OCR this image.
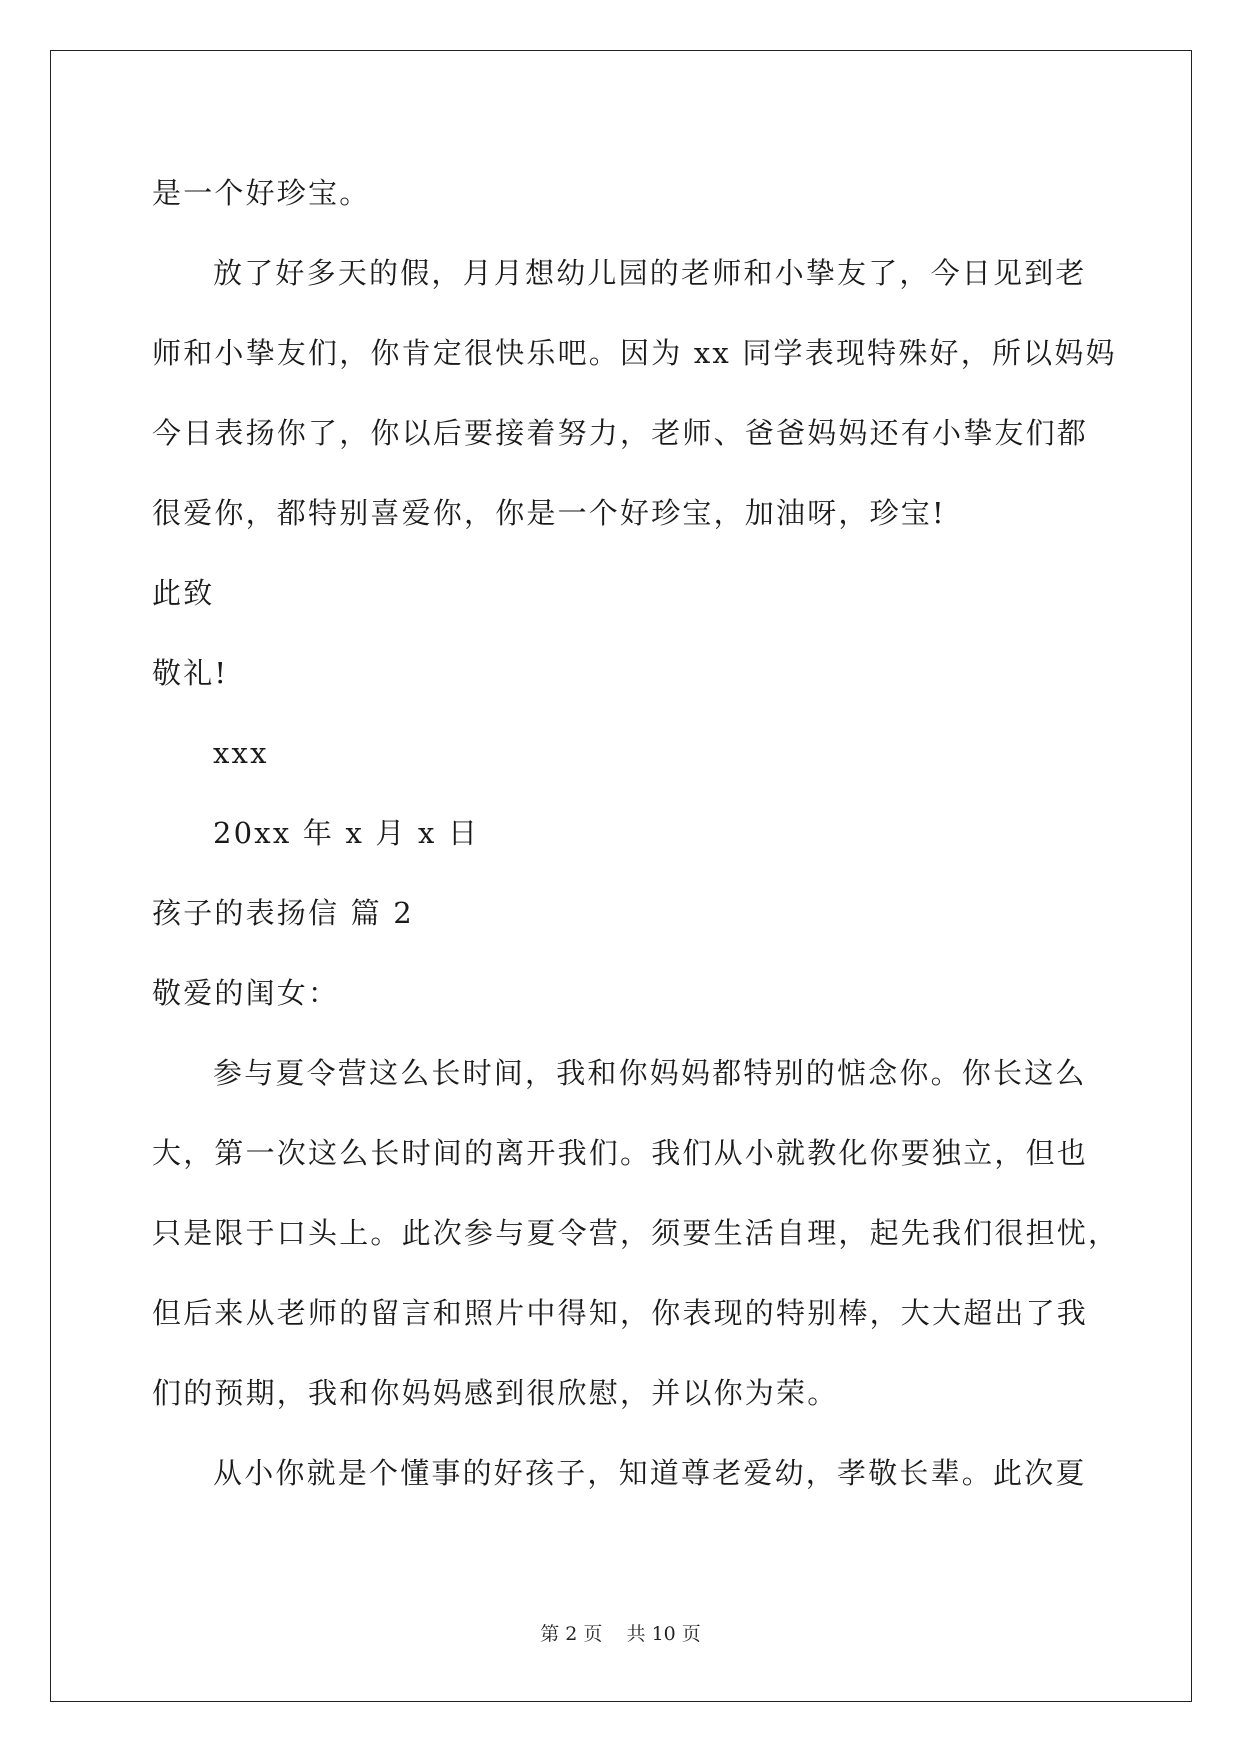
是一个好珍宝。
放了好多天的假，月月想幼儿园的老师和小挚友了，今日见到老
师和小挚友们，你肯定很快乐吧。因为 xx 同学表现特殊好，所以妈妈
今日表扬你了，你以后要接着努力，老师、爸爸妈妈还有小挚友们都
很爱你，都特别喜爱你，你是一个好珍宝，加油呀，珍宝!
此致
敬礼!
xxx
20xx 年 x 月 x 日
孩子的表扬信 篇 2
敬爱的闺女：
参与夏令营这么长时间，我和你妈妈都特别的惦念你。你长这么
大，第一次这么长时间的离开我们。我们从小就教化你要独立，但也
只是限于口头上。此次参与夏令营，须要生活自理，起先我们很担忧，
但后来从老师的留言和照片中得知，你表现的特别棒，大大超出了我
们的预期，我和你妈妈感到很欣慰，并以你为荣。
从小你就是个懂事的好孩子，知道尊老爱幼，孝敬长辈。此次夏
第 2 页    共 10 页
